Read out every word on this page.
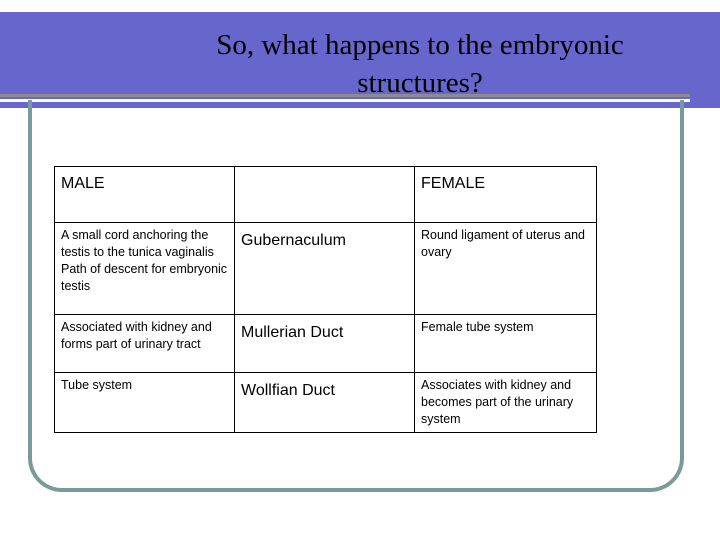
So, what happens to the embryonic
structures?
MALE		FEMALE

A small cord anchoring the testis to the tunica vaginalis
Path of descent for embryonic testis	Gubernaculum	Round ligament of uterus and ovary

Associated with kidney and forms part of urinary tract	Mullerian Duct	Female tube system

Tube system	Wollfian Duct	Associates with kidney and becomes part of the urinary system
